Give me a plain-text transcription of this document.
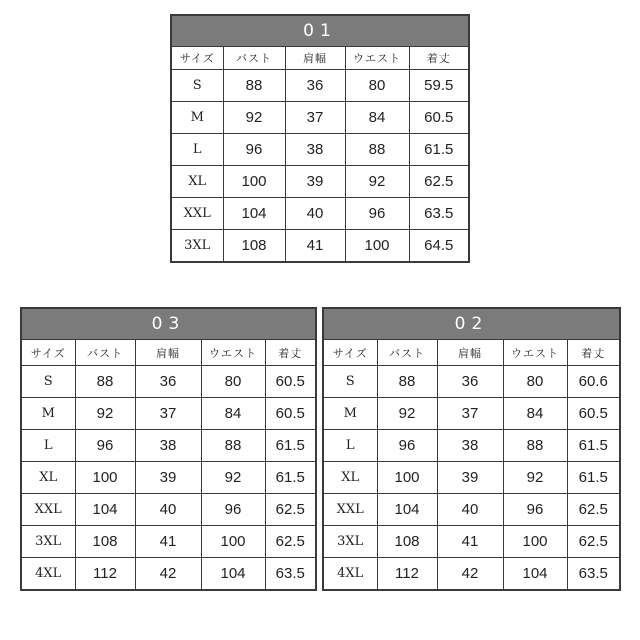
01				
サイズ	バスト	肩幅	ウエスト	着丈
S	88	36	80	59.5
M	92	37	84	60.5
L	96	38	88	61.5
XL	100	39	92	62.5
XXL	104	40	96	63.5
3XL	108	41	100	64.5
03				
サイズ	バスト	肩幅	ウエスト	着丈
S	88	36	80	60.5
M	92	37	84	60.5
L	96	38	88	61.5
XL	100	39	92	61.5
XXL	104	40	96	62.5
3XL	108	41	100	62.5
4XL	112	42	104	63.5
02				
サイズ	バスト	肩幅	ウエスト	着丈
S	88	36	80	60.6
M	92	37	84	60.5
L	96	38	88	61.5
XL	100	39	92	61.5
XXL	104	40	96	62.5
3XL	108	41	100	62.5
4XL	112	42	104	63.5
